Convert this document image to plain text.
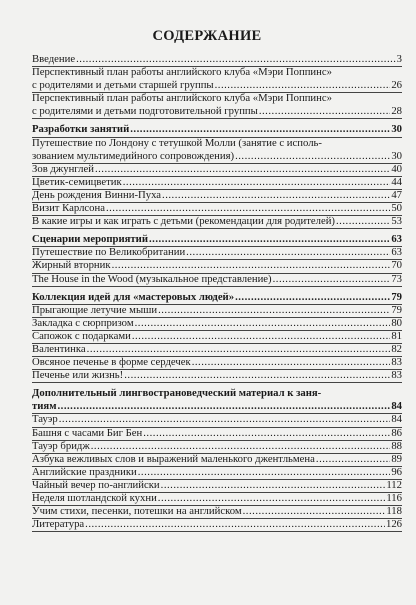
СОДЕРЖАНИЕ
Введение .....	3
Перспективный план работы английского клуба «Мэри Поппинс»
с родителями и детьми старшей группы .....	26
Перспективный план работы английского клуба «Мэри Поппинс»
с родителями и детьми подготовительной группы .....	28
Разработки занятий .....	30
Путешествие по Лондону с тетушкой Молли (занятие с исполь-
зованием мультимедийного сопровождения) .....	30
Зов джунглей .....	40
Цветик-семицветик .....	44
День рождения Винни-Пуха .....	47
Визит Карлсона .....	50
В какие игры и как играть с детьми (рекомендации для родителей) .....	53
Сценарии мероприятий .....	63
Путешествие по Великобритании .....	63
Жирный вторник .....	70
The House in the Wood (музыкальное представление) .....	73
Коллекция идей для «мастеровых людей» .....	79
Прыгающие летучие мыши .....	79
Закладка с сюрпризом .....	80
Сапожок с подарками .....	81
Валентинка .....	82
Овсяное печенье в форме сердечек .....	83
Печенье или жизнь! .....	83
Дополнительный лингвострановедческий материал к заня-
тиям .....	84
Тауэр .....	84
Башня с часами Биг Бен .....	86
Тауэр бридж .....	88
Азбука вежливых слов и выражений маленького джентльмена .....	89
Английские праздники .....	96
Чайный вечер по-английски .....	112
Неделя шотландской кухни .....	116
Учим стихи, песенки, потешки на английском .....	118
Литература .....	126
